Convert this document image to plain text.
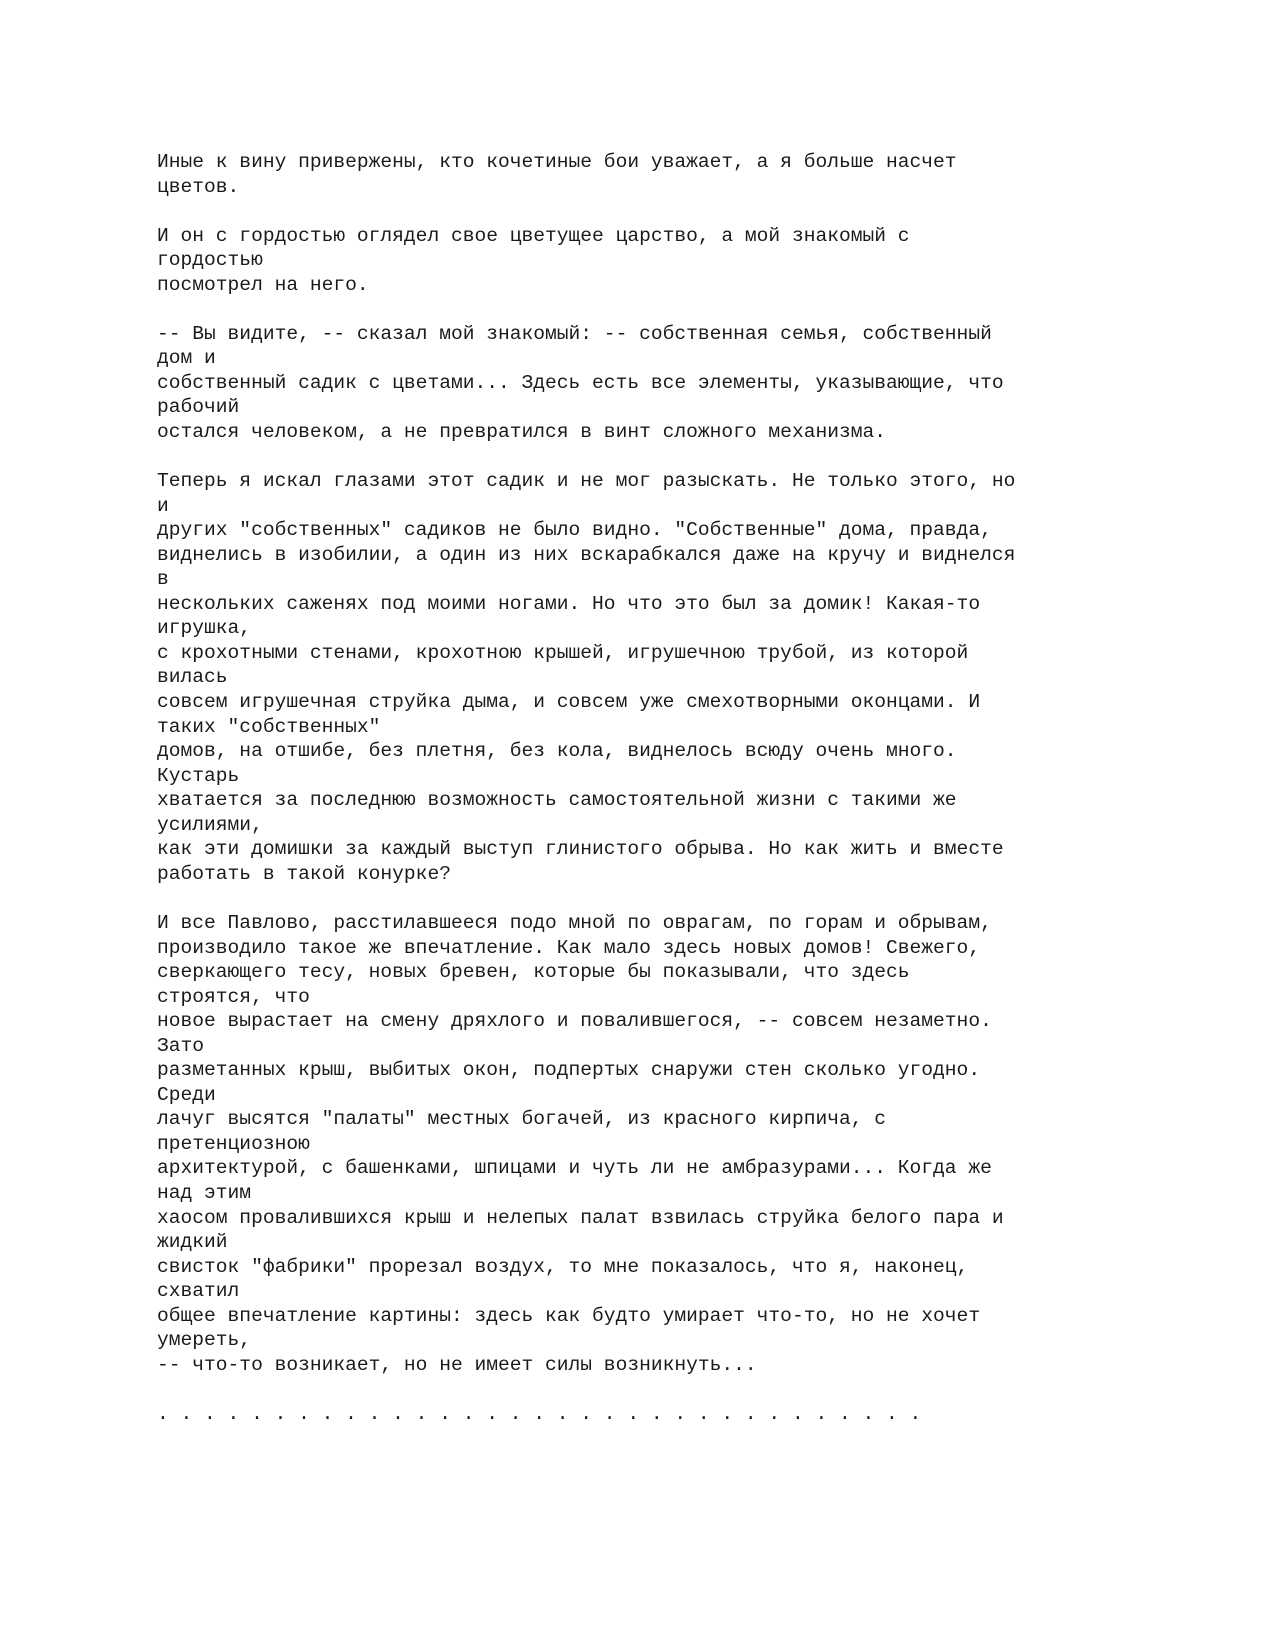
Иные к вину привержены, кто кочетиные бои уважает, а я больше насчет
цветов.
И он с гордостью оглядел свое цветущее царство, а мой знакомый с
гордостью
посмотрел на него.
-- Вы видите, -- сказал мой знакомый: -- собственная семья, собственный
дом и
собственный садик с цветами... Здесь есть все элементы, указывающие, что
рабочий
остался человеком, а не превратился в винт сложного механизма.
Теперь я искал глазами этот садик и не мог разыскать. Не только этого, но
и
других "собственных" садиков не было видно. "Собственные" дома, правда,
виднелись в изобилии, а один из них вскарабкался даже на кручу и виднелся
в
нескольких саженях под моими ногами. Но что это был за домик! Какая-то
игрушка,
с крохотными стенами, крохотною крышей, игрушечною трубой, из которой
вилась
совсем игрушечная струйка дыма, и совсем уже смехотворными оконцами. И
таких "собственных"
домов, на отшибе, без плетня, без кола, виднелось всюду очень много.
Кустарь
хватается за последнюю возможность самостоятельной жизни с такими же
усилиями,
как эти домишки за каждый выступ глинистого обрыва. Но как жить и вместе
работать в такой конурке?
И все Павлово, расстилавшееся подо мной по оврагам, по горам и обрывам,
производило такое же впечатление. Как мало здесь новых домов! Свежего,
сверкающего тесу, новых бревен, которые бы показывали, что здесь
строятся, что
новое вырастает на смену дряхлого и повалившегося, -- совсем незаметно.
Зато
разметанных крыш, выбитых окон, подпертых снаружи стен сколько угодно.
Среди
лачуг высятся "палаты" местных богачей, из красного кирпича, с
претенциозною
архитектурой, с башенками, шпицами и чуть ли не амбразурами... Когда же
над этим
хаосом провалившихся крыш и нелепых палат взвилась струйка белого пара и
жидкий
свисток "фабрики" прорезал воздух, то мне показалось, что я, наконец,
схватил
общее впечатление картины: здесь как будто умирает что-то, но не хочет
умереть,
-- что-то возникает, но не имеет силы возникнуть...
. . . . . . . . . . . . . . . . . . . . . . . . . . . . . . . . .
